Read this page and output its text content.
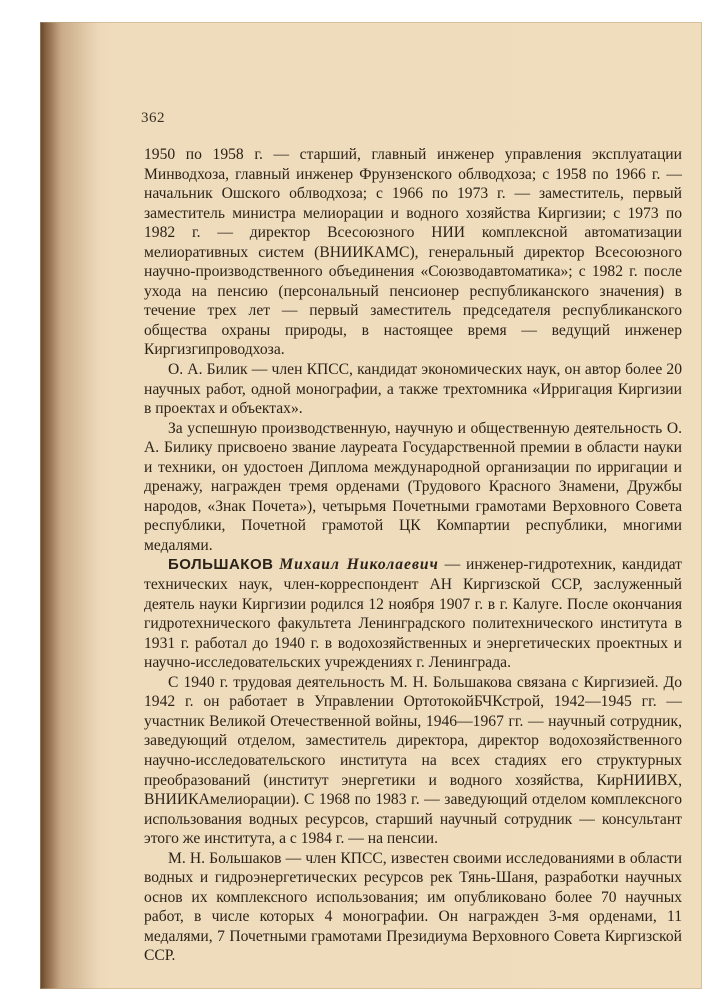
362

1950 по 1958 г. — старший, главный инженер управления эксплуатации Минводхоза, главный инженер Фрунзенского облводхоза; с 1958 по 1966 г. — начальник Ошского облводхоза; с 1966 по 1973 г. — заместитель, первый заместитель министра мелиорации и водного хозяйства Киргизии; с 1973 по 1982 г. — директор Всесоюзного НИИ комплексной автоматизации мелиоративных систем (ВНИИКАМС), генеральный директор Всесоюзного научно-производственного объединения «Союзводавтоматика»; с 1982 г. после ухода на пенсию (персональный пенсионер республиканского значения) в течение трех лет — первый заместитель председателя республиканского общества охраны природы, в настоящее время — ведущий инженер Киргизгипроводхоза.

О. А. Билик — член КПСС, кандидат экономических наук, он автор более 20 научных работ, одной монографии, а также трехтомника «Ирригация Киргизии в проектах и объектах».

За успешную производственную, научную и общественную деятельность О. А. Билику присвоено звание лауреата Государственной премии в области науки и техники, он удостоен Диплома международной организации по ирригации и дренажу, награжден тремя орденами (Трудового Красного Знамени, Дружбы народов, «Знак Почета»), четырьмя Почетными грамотами Верховного Совета республики, Почетной грамотой ЦК Компартии республики, многими медалями.

БОЛЬШАКОВ Михаил Николаевич — инженер-гидротехник, кандидат технических наук, член-корреспондент АН Киргизской ССР, заслуженный деятель науки Киргизии родился 12 ноября 1907 г. в г. Калуге. После окончания гидротехнического факультета Ленинградского политехнического института в 1931 г. работал до 1940 г. в водохозяйственных и энергетических проектных и научно-исследовательских учреждениях г. Ленинграда.

С 1940 г. трудовая деятельность М. Н. Большакова связана с Киргизией. До 1942 г. он работает в Управлении ОртотокойБЧКстрой, 1942—1945 гг. — участник Великой Отечественной войны, 1946—1967 гг. — научный сотрудник, заведующий отделом, заместитель директора, директор водохозяйственного научно-исследовательского института на всех стадиях его структурных преобразований (институт энергетики и водного хозяйства, КирНИИВХ, ВНИИКАмелиорации). С 1968 по 1983 г. — заведующий отделом комплексного использования водных ресурсов, старший научный сотрудник — консультант этого же института, а с 1984 г. — на пенсии.

М. Н. Большаков — член КПСС, известен своими исследованиями в области водных и гидроэнергетических ресурсов рек Тянь-Шаня, разработки научных основ их комплексного использования; им опубликовано более 70 научных работ, в числе которых 4 монографии. Он награжден 3-мя орденами, 11 медалями, 7 Почетными грамотами Президиума Верховного Совета Киргизской ССР.
